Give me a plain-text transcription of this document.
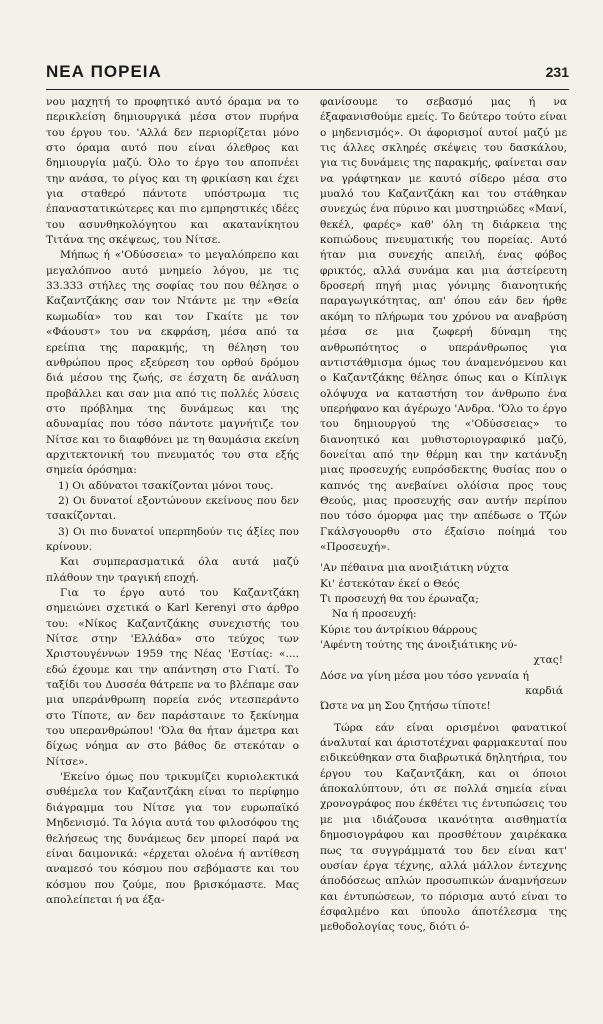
ΝΕΑ ΠΟΡΕΙΑ	231

νου μαχητή το προφητικό αυτό όραμα να το περικλείση δημιουργικά μέσα στον πυρήνα του έργου του. 'Αλλά δεν περιορίζεται μόνο στο όραμα αυτό που είναι όλεθρος και δημιουργία μαζύ. Όλο το έργο του αποπνέει την ανάσα, το ρίγος και τη φρικίαση και έχει για σταθερό πάντοτε υπόστρωμα τις έπαναστατικώτερες και πιο εμπρηστικές ιδέες του ασυνθηκολόγητου και ακατανίκητου Τιτάνα της σκέψεως, του Νίτσε.

Μήπως ή «'Οδύσσεια» το μεγαλόπρεπο και μεγαλόπνοο αυτό μνημείο λόγου, με τις 33.333 στήλες της σοφίας του που θέλησε ο Καζαντζάκης σαν τον Ντάντε με την «Θεία κωμωδία» του και τον Γκαίτε με τον «Φάουστ» του να εκφράση, μέσα από τα ερείπια της παρακμής, τη θέληση του ανθρώπου προς εξεύρεση του ορθού δρόμου διά μέσου της ζωής, σε έσχατη δε ανάλυση προβάλλει και σαν μια από τις πολλές λύσεις στο πρόβλημα της δυνάμεως και της αδυναμίας που τόσο πάντοτε μαγνήτιζε τον Νίτσε και το διαφθόνει με τη θαυμάσια εκείνη αρχιτεκτονική του πνευματός του στα εξής σημεία όρόσημα:

1) Οι αδύνατοι τσακίζονται μόνοι τους.

2) Οι δυνατοί εξοντώνουν εκείνους που δεν τσακίζονται.

3) Οι πιο δυνατοί υπερπηδούν τις άξίες που κρίνουν.

Και συμπερασματικά όλα αυτά μαζύ πλάθουν την τραγική εποχή.

Για το έργο αυτό του Καζαντζάκη σημειώνει σχετικά ο Karl Kerenyi στο άρθρο του: «Νίκος Καζαντζάκης συνεχιστής του Νίτσε στην 'Ελλάδα» στο τεύχος των Χριστουγέννων 1959 της Νέας 'Εστίας: «.... εδώ έχουμε και την απάντηση στο Γιατί. Το ταξίδι του Δυσσέα θάτρεπε να το βλέπαμε σαν μια υπεράνθρωπη πορεία ενός ντεσπεράντο στο Τίποτε, αν δεν παράσταινε το ξεκίνημα του υπερανθρώπου! 'Όλα θα ήταν άμετρα και δίχως νόημα αν στο βάθος δε στεκόταν ο Νίτσε».

'Εκείνο όμως που τρικυμίζει κυριολεκτικά συθέμελα τον Καζαντζάκη είναι το περίφημο διάγραμμα του Νίτσε για τον ευρωπαϊκό Μηδενισμό. Τα λόγια αυτά του φιλοσόφου της θελήσεως της δυνάμεως δεν μπορεί παρά να είναι δαιμονικά: «έρχεται ολοένα ή αντίθεση αναμεσό του κόσμου που σεβόμαστε και του κόσμου που ζούμε, που βρισκόμαστε. Μας απολείπεται ή να έξα-

φανίσουμε το σεβασμό μας ή να έξαφανισθούμε εμείς. Το δεύτερο τούτο είναι ο μηδενισμός». Οι άφορισμοί αυτοί μαζύ με τις άλλες σκληρές σκέψεις του δασκάλου, για τις δυνάμεις της παρακμής, φαίνεται σαν να γράφτηκαν με καυτό σίδερο μέσα στο μυαλό του Καζαντζάκη και του στάθηκαν συνεχώς ένα πύρινο και μυστηριώδες «Μανί, θεκέλ, φαρές» καθ' όλη τη διάρκεια της κοπιώδους πνευματικής του πορείας. Αυτό ήταν μια συνεχής απειλή, ένας φόβος φρικτός, αλλά συνάμα και μια άστείρευτη δροσερή πηγή μιας γόνιμης διανοητικής παραγωγικότητας, απ' όπου εάν δεν ήρθε ακόμη το πλήρωμα του χρόνου να αναβρύση μέσα σε μια ζωφερή δύναμη της ανθρωπότητος ο υπεράνθρωπος για αντιστάθμισμα όμως του άναμενόμενου και ο Καζαντζάκης θέλησε όπως και ο Κίπλιγκ ολόψυχα να καταστήση τον άνθρωπο ένα υπερήφανο και άγέρωχο 'Ανδρα. 'Όλο το έργο του δημιουργού της «'Οδύσσειας» το διανοητικό και μυθιστοριογραφικό μαζύ, δονείται από την θέρμη και την κατάνυξη μιας προσευχής ευπρόσδεκτης θυσίας που ο καπνός της ανεβαίνει ολόίσια προς τους Θεούς, μιας προσευχής σαν αυτήν περίπου που τόσο όμορφα μας την απέδωσε ο Τζών Γκάλσγουορθυ στο έξαίσιο ποίημά του «Προσευχή».

'Αν πέθαινα μια ανοιξιάτικη νύχτα
Κι' έστεκόταν έκεί ο Θεός
Τι προσευχή θα του έρωναζα;
Να ή προσευχή:
Κύριε του άντρίκιου θάρρους
'Αφέντη τούτης της άνοιξιάτικης νύ-
χτας!
Δόσε να γίνη μέσα μου τόσο γενναία ή
καρδιά
Ώστε να μη Σου ζητήσω τίποτε!

Τώρα εάν είναι ορισμένοι φανατικοί άναλυταί και άριστοτέχναι φαρμακευταί που ειδικεύθηκαν στα διαβρωτικά δηλητήρια, του έργου του Καζαντζάκη, και οι όποιοι άποκαλύπτουν, ότι σε πολλά σημεία είναι χρονογράφος που έκθέτει τις έντυπώσεις του με μια ιδιάζουσα ικανότητα αισθηματία δημοσιογράφου και προσθέτουν χαιρέκακα πως τα συγγράμματά του δεν είναι κατ' ουσίαν έργα τέχνης, αλλά μάλλον έντεχνης άποδόσεως απλών προσωπικών άναμνήσεων και έντυπώσεων, το πόρισμα αυτό είναι το έσφαλμένο και ύπουλο άποτέλεσμα της μεθοδολογίας τους, διότι ό-
